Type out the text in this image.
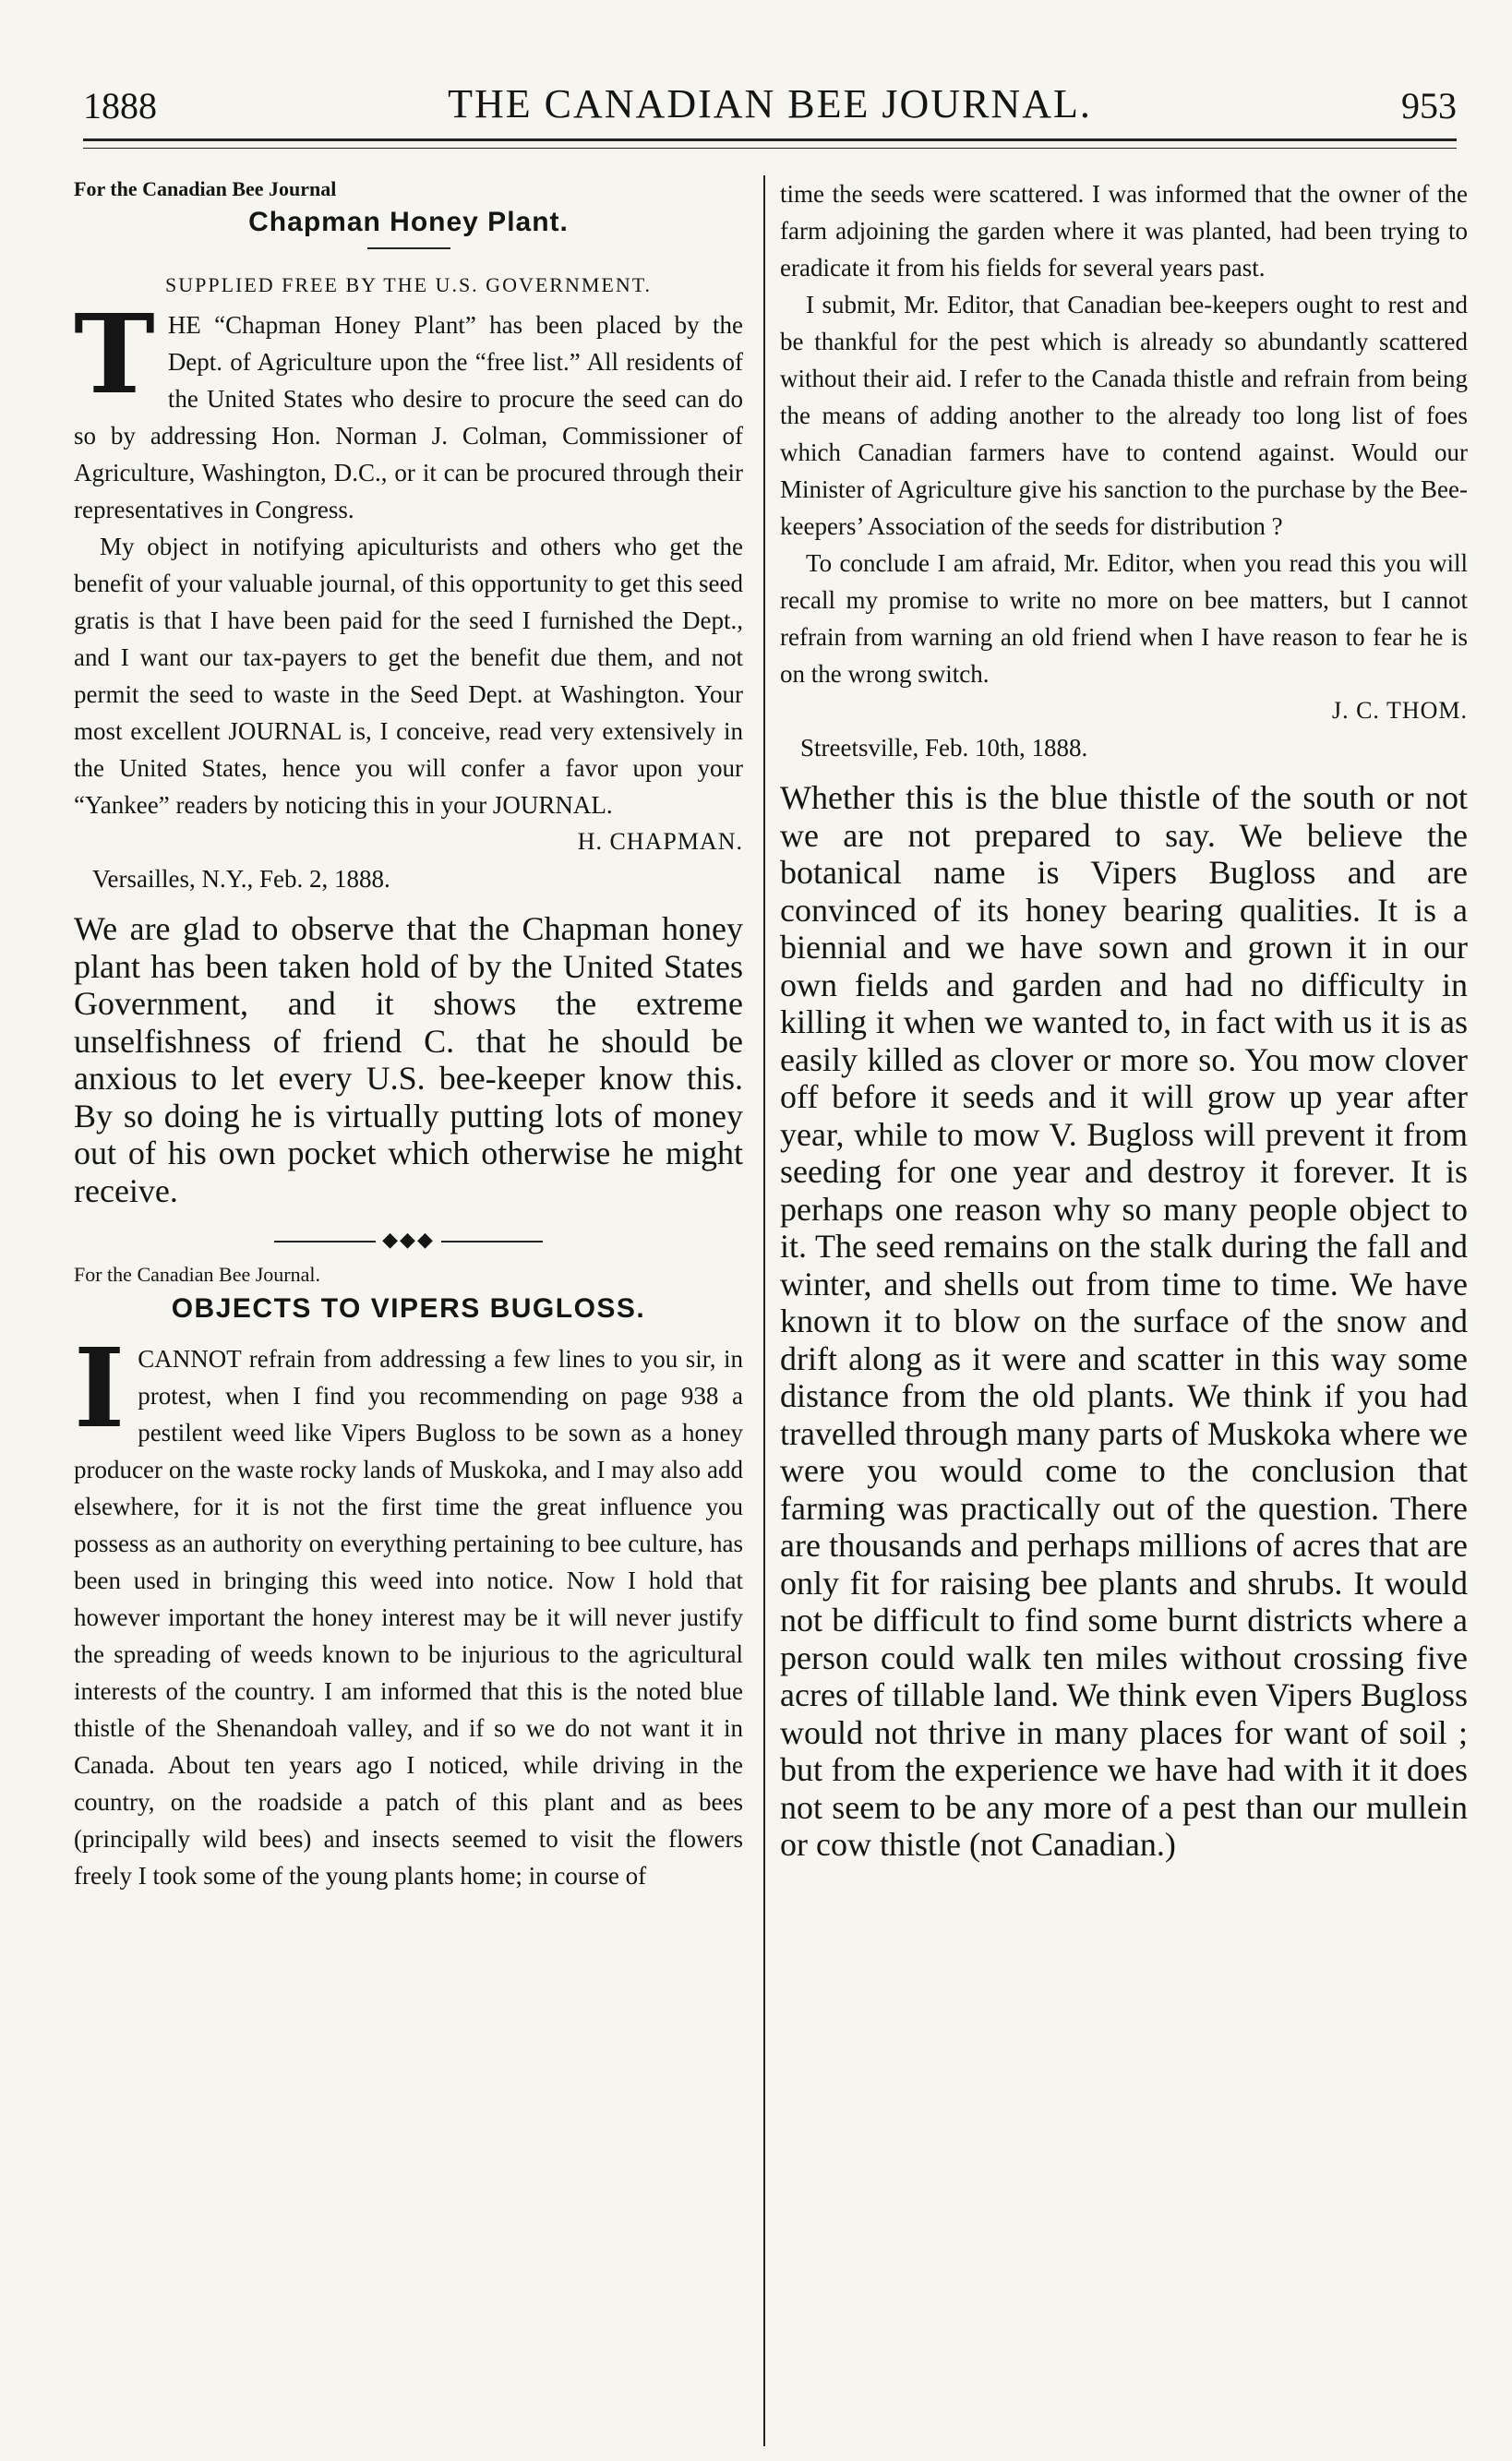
1888	THE CANADIAN BEE JOURNAL.	953

For the Canadian Bee Journal

Chapman Honey Plant.

SUPPLIED FREE BY THE U.S. GOVERNMENT.

THE “Chapman Honey Plant” has been placed by the Dept. of Agriculture upon the “free list.” All residents of the United States who desire to procure the seed can do so by addressing Hon. Norman J. Colman, Commissioner of Agriculture, Washington, D.C., or it can be procured through their representatives in Congress.

My object in notifying apiculturists and others who get the benefit of your valuable journal, of this opportunity to get this seed gratis is that I have been paid for the seed I furnished the Dept., and I want our tax-payers to get the benefit due them, and not permit the seed to waste in the Seed Dept. at Washington. Your most excellent JOURNAL is, I conceive, read very extensively in the United States, hence you will confer a favor upon your “Yankee” readers by noticing this in your JOURNAL.

H. CHAPMAN.

Versailles, N.Y., Feb. 2, 1888.

We are glad to observe that the Chapman honey plant has been taken hold of by the United States Government, and it shows the extreme unselfishness of friend C. that he should be anxious to let every U.S. bee-keeper know this. By so doing he is virtually putting lots of money out of his own pocket which otherwise he might receive.

◆◆◆

For the Canadian Bee Journal.

OBJECTS TO VIPERS BUGLOSS.

ICANNOT refrain from addressing a few lines to you sir, in protest, when I find you recommending on page 938 a pestilent weed like Vipers Bugloss to be sown as a honey producer on the waste rocky lands of Muskoka, and I may also add elsewhere, for it is not the first time the great influence you possess as an authority on everything pertaining to bee culture, has been used in bringing this weed into notice. Now I hold that however important the honey interest may be it will never justify the spreading of weeds known to be injurious to the agricultural interests of the country. I am informed that this is the noted blue thistle of the Shenandoah valley, and if so we do not want it in Canada. About ten years ago I noticed, while driving in the country, on the roadside a patch of this plant and as bees (principally wild bees) and insects seemed to visit the flowers freely I took some of the young plants home; in course of

time the seeds were scattered. I was informed that the owner of the farm adjoining the garden where it was planted, had been trying to eradicate it from his fields for several years past.

I submit, Mr. Editor, that Canadian bee-keepers ought to rest and be thankful for the pest which is already so abundantly scattered without their aid. I refer to the Canada thistle and refrain from being the means of adding another to the already too long list of foes which Canadian farmers have to contend against. Would our Minister of Agriculture give his sanction to the purchase by the Bee-keepers’ Association of the seeds for distribution ?

To conclude I am afraid, Mr. Editor, when you read this you will recall my promise to write no more on bee matters, but I cannot refrain from warning an old friend when I have reason to fear he is on the wrong switch.

J. C. THOM.

Streetsville, Feb. 10th, 1888.

Whether this is the blue thistle of the south or not we are not prepared to say. We believe the botanical name is Vipers Bugloss and are convinced of its honey bearing qualities. It is a biennial and we have sown and grown it in our own fields and garden and had no difficulty in killing it when we wanted to, in fact with us it is as easily killed as clover or more so. You mow clover off before it seeds and it will grow up year after year, while to mow V. Bugloss will prevent it from seeding for one year and destroy it forever. It is perhaps one reason why so many people object to it. The seed remains on the stalk during the fall and winter, and shells out from time to time. We have known it to blow on the surface of the snow and drift along as it were and scatter in this way some distance from the old plants. We think if you had travelled through many parts of Muskoka where we were you would come to the conclusion that farming was practically out of the question. There are thousands and perhaps millions of acres that are only fit for raising bee plants and shrubs. It would not be difficult to find some burnt districts where a person could walk ten miles without crossing five acres of tillable land. We think even Vipers Bugloss would not thrive in many places for want of soil ; but from the experience we have had with it it does not seem to be any more of a pest than our mullein or cow thistle (not Canadian.)
